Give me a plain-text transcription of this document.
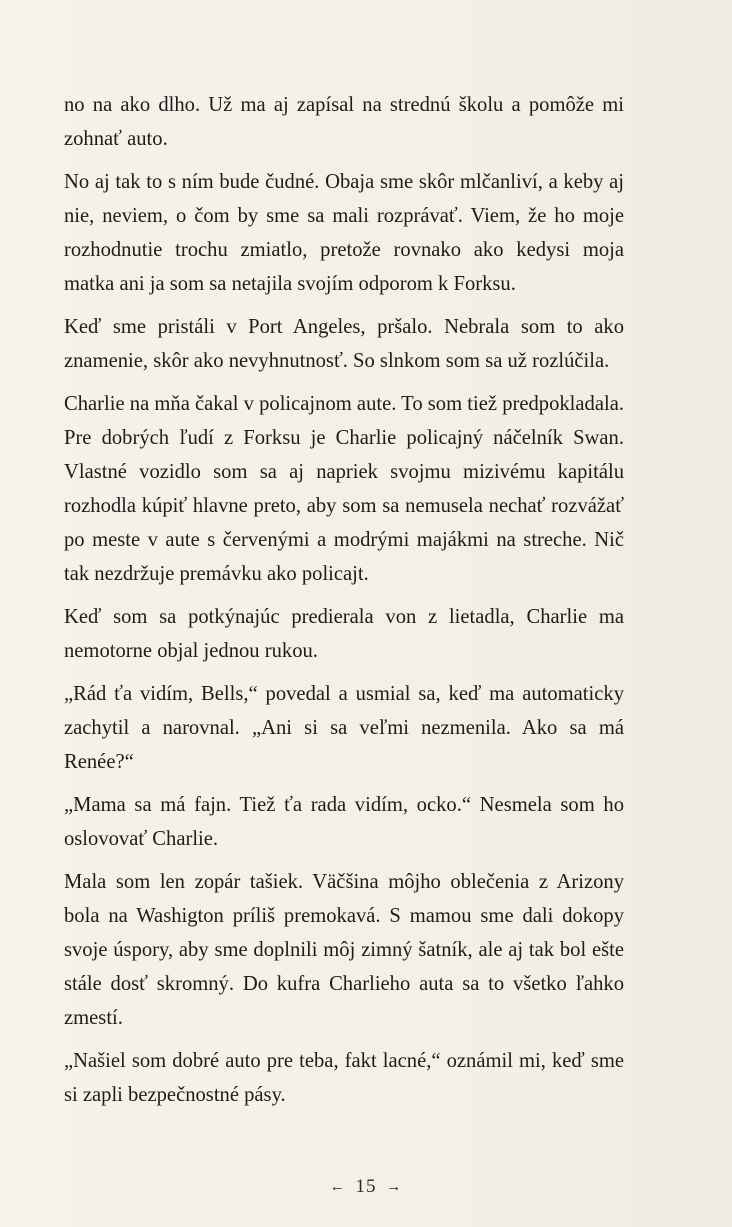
no na ako dlho. Už ma aj zapísal na strednú školu a pomôže mi zohnať auto.

No aj tak to s ním bude čudné. Obaja sme skôr mlčanliví, a keby aj nie, neviem, o čom by sme sa mali rozprávať. Viem, že ho moje rozhodnutie trochu zmiatlo, pretože rovnako ako kedysi moja matka ani ja som sa netajila svojím odporom k Forksu.

Keď sme pristáli v Port Angeles, pršalo. Nebrala som to ako znamenie, skôr ako nevyhnutnosť. So slnkom som sa už rozlúčila.

Charlie na mňa čakal v policajnom aute. To som tiež predpokladala. Pre dobrých ľudí z Forksu je Charlie policajný náčelník Swan. Vlastné vozidlo som sa aj napriek svojmu mizivému kapitálu rozhodla kúpiť hlavne preto, aby som sa nemusela nechať rozvážať po meste v aute s červenými a modrými majákmi na streche. Nič tak nezdržuje premávku ako policajt.

Keď som sa potkýnajúc predierala von z lietadla, Charlie ma nemotorne objal jednou rukou.

„Rád ťa vidím, Bells,“ povedal a usmial sa, keď ma automaticky zachytil a narovnal. „Ani si sa veľmi nezmenila. Ako sa má Renée?“

„Mama sa má fajn. Tiež ťa rada vidím, ocko.“ Nesmela som ho oslovovať Charlie.

Mala som len zopár tašiek. Väčšina môjho oblečenia z Arizony bola na Washigton príliš premokavá. S mamou sme dali dokopy svoje úspory, aby sme doplnili môj zimný šatník, ale aj tak bol ešte stále dosť skromný. Do kufra Charlieho auta sa to všetko ľahko zmestí.

„Našiel som dobré auto pre teba, fakt lacné,“ oznámil mi, keď sme si zapli bezpečnostné pásy.

← 15 →
